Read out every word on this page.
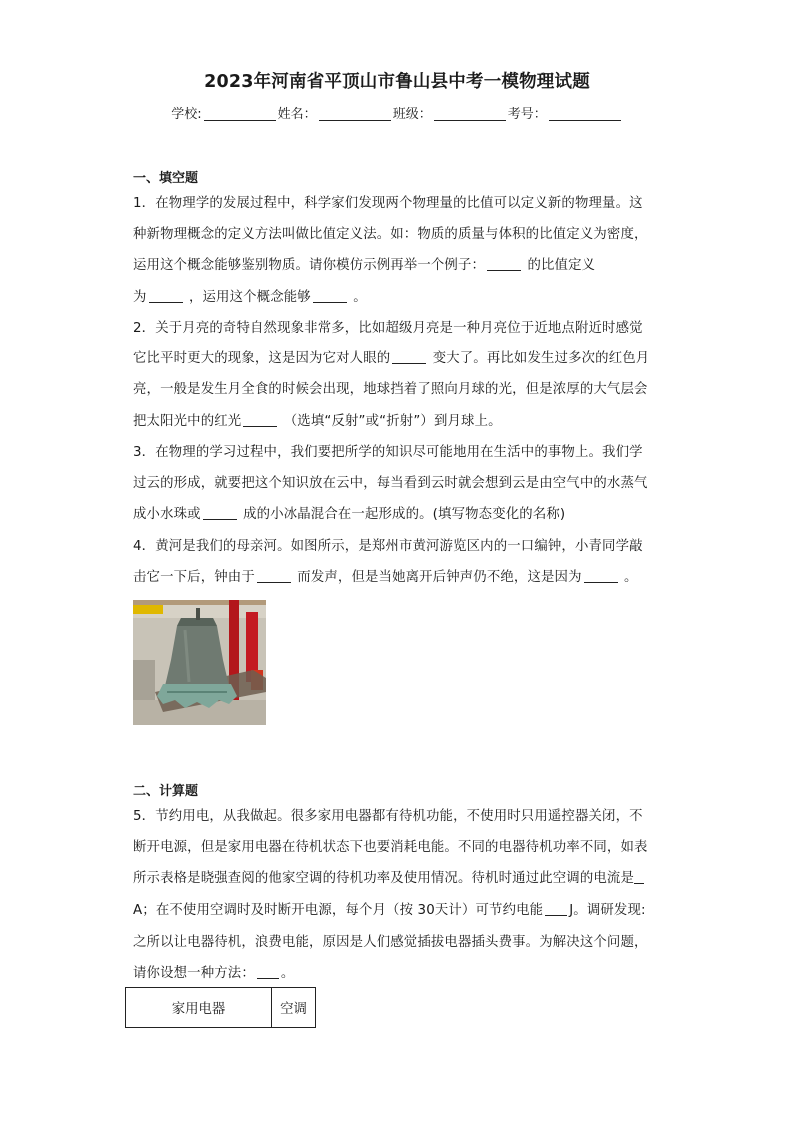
2023年河南省平顶山市鲁山县中考一模物理试题
学校:	姓名：	班级：	考号：
一、填空题
1．在物理学的发展过程中，科学家们发现两个物理量的比值可以定义新的物理量。这
种新物理概念的定义方法叫做比值定义法。如：物质的质量与体积的比值定义为密度，
运用这个概念能够鉴别物质。请你模仿示例再举一个例子：	的比值定义
为	，运用这个概念能够	。
2．关于月亮的奇特自然现象非常多，比如超级月亮是一种月亮位于近地点附近时感觉
它比平时更大的现象，这是因为它对人眼的	变大了。再比如发生过多次的红色月
亮，一般是发生月全食的时候会出现，地球挡着了照向月球的光，但是浓厚的大气层会
把太阳光中的红光	（选填“反射”或“折射”）到月球上。
3．在物理的学习过程中，我们要把所学的知识尽可能地用在生活中的事物上。我们学
过云的形成，就要把这个知识放在云中，每当看到云时就会想到云是由空气中的水蒸气
成小水珠或	成的小冰晶混合在一起形成的。(填写物态变化的名称)
4．黄河是我们的母亲河。如图所示，是郑州市黄河游览区内的一口编钟，小青同学敲
击它一下后，钟由于	而发声，但是当她离开后钟声仍不绝，这是因为	。
二、计算题
5．节约用电，从我做起。很多家用电器都有待机功能，不使用时只用遥控器关闭，不
断开电源，但是家用电器在待机状态下也要消耗电能。不同的电器待机功率不同，如表
所示表格是晓强查阅的他家空调的待机功率及使用情况。待机时通过此空调的电流是
A；在不使用空调时及时断开电源，每个月（按 30天计）可节约电能 J。调研发现:
之所以让电器待机，浪费电能，原因是人们感觉插拔电器插头费事。为解决这个问题，
请你设想一种方法： 。
家用电器	空调
